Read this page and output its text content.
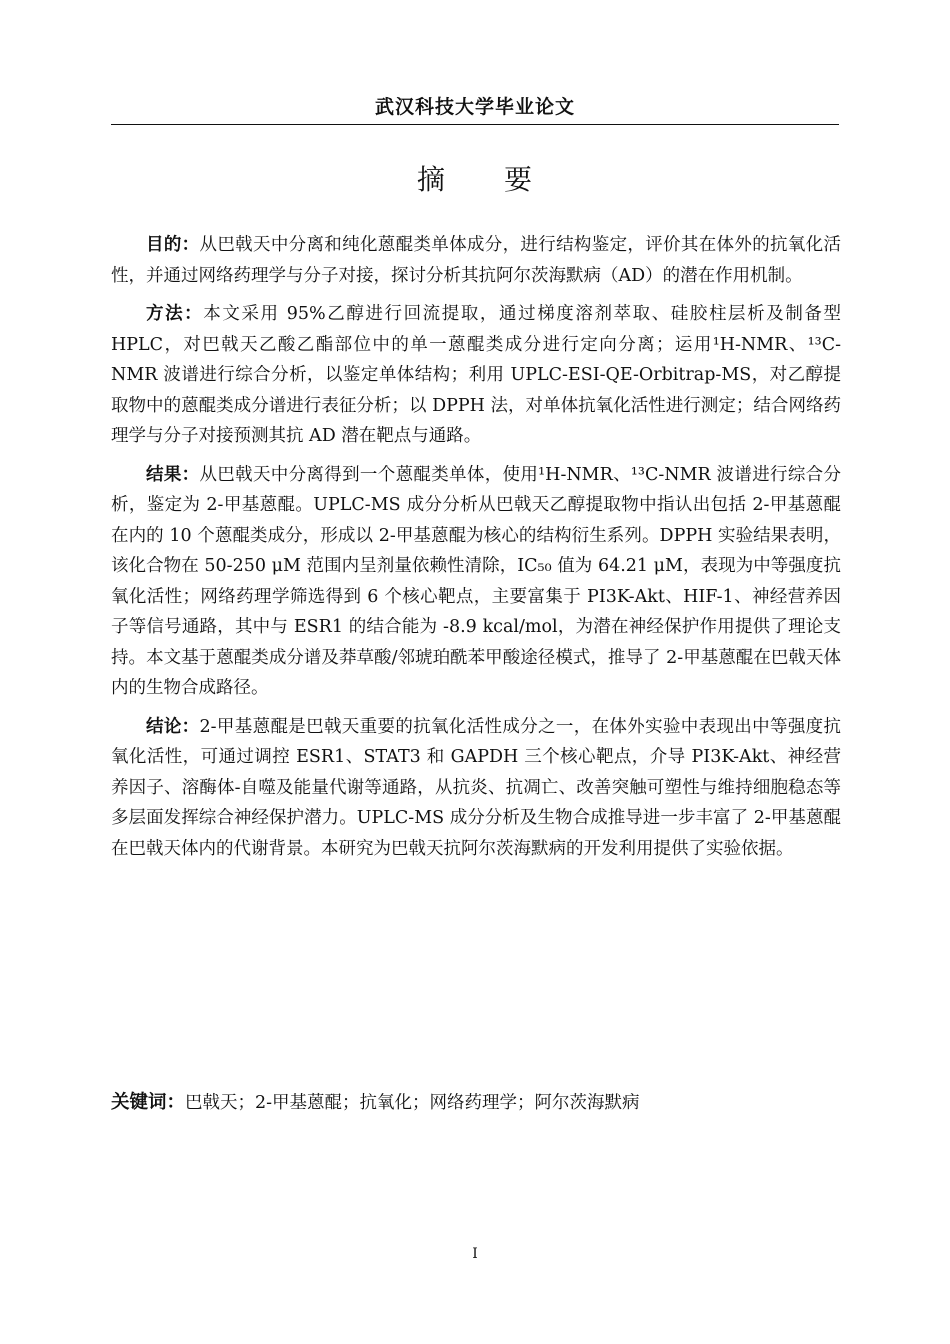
武汉科技大学毕业论文
摘 要

目的：从巴戟天中分离和纯化蒽醌类单体成分，进行结构鉴定，评价其在体外的抗氧化活性，并通过网络药理学与分子对接，探讨分析其抗阿尔茨海默病（AD）的潜在作用机制。

方法：本文采用 95%乙醇进行回流提取，通过梯度溶剂萃取、硅胶柱层析及制备型 HPLC，对巴戟天乙酸乙酯部位中的单一蒽醌类成分进行定向分离；运用¹H-NMR、¹³C-NMR 波谱进行综合分析，以鉴定单体结构；利用 UPLC-ESI-QE-Orbitrap-MS，对乙醇提取物中的蒽醌类成分谱进行表征分析；以 DPPH 法，对单体抗氧化活性进行测定；结合网络药理学与分子对接预测其抗 AD 潜在靶点与通路。

结果：从巴戟天中分离得到一个蒽醌类单体，使用¹H-NMR、¹³C-NMR 波谱进行综合分析，鉴定为 2-甲基蒽醌。UPLC-MS 成分分析从巴戟天乙醇提取物中指认出包括 2-甲基蒽醌在内的 10 个蒽醌类成分，形成以 2-甲基蒽醌为核心的结构衍生系列。DPPH 实验结果表明，该化合物在 50-250 μM 范围内呈剂量依赖性清除，IC₅₀ 值为 64.21 μM，表现为中等强度抗氧化活性；网络药理学筛选得到 6 个核心靶点，主要富集于 PI3K-Akt、HIF-1、神经营养因子等信号通路，其中与 ESR1 的结合能为 -8.9 kcal/mol，为潜在神经保护作用提供了理论支持。本文基于蒽醌类成分谱及莽草酸/邻琥珀酰苯甲酸途径模式，推导了 2-甲基蒽醌在巴戟天体内的生物合成路径。

结论：2-甲基蒽醌是巴戟天重要的抗氧化活性成分之一，在体外实验中表现出中等强度抗氧化活性，可通过调控 ESR1、STAT3 和 GAPDH 三个核心靶点，介导 PI3K-Akt、神经营养因子、溶酶体-自噬及能量代谢等通路，从抗炎、抗凋亡、改善突触可塑性与维持细胞稳态等多层面发挥综合神经保护潜力。UPLC-MS 成分分析及生物合成推导进一步丰富了 2-甲基蒽醌在巴戟天体内的代谢背景。本研究为巴戟天抗阿尔茨海默病的开发利用提供了实验依据。

关键词：巴戟天；2-甲基蒽醌；抗氧化；网络药理学；阿尔茨海默病
I
